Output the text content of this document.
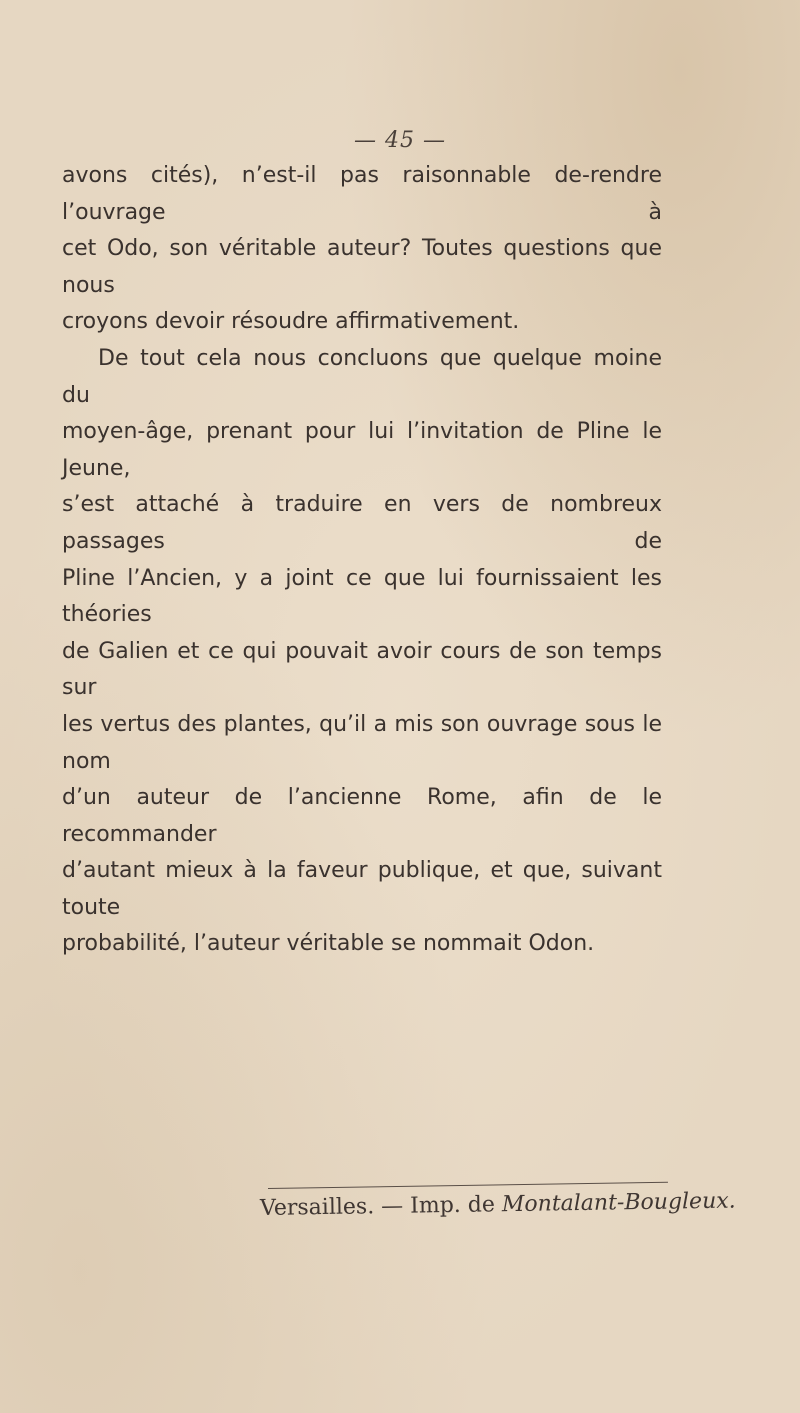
— 45 —

avons cités), n’est-il pas raisonnable de-rendre l’ouvrage à

cet Odo, son véritable auteur? Toutes questions que nous

croyons devoir résoudre affirmativement.

De tout cela nous concluons que quelque moine du

moyen-âge, prenant pour lui l’invitation de Pline le Jeune,

s’est attaché à traduire en vers de nombreux passages de

Pline l’Ancien, y a joint ce que lui fournissaient les théories

de Galien et ce qui pouvait avoir cours de son temps sur

les vertus des plantes, qu’il a mis son ouvrage sous le nom

d’un auteur de l’ancienne Rome, afin de le recommander

d’autant mieux à la faveur publique, et que, suivant toute

probabilité, l’auteur véritable se nommait Odon.

Versailles. — Imp. de Montalant-Bougleux.
